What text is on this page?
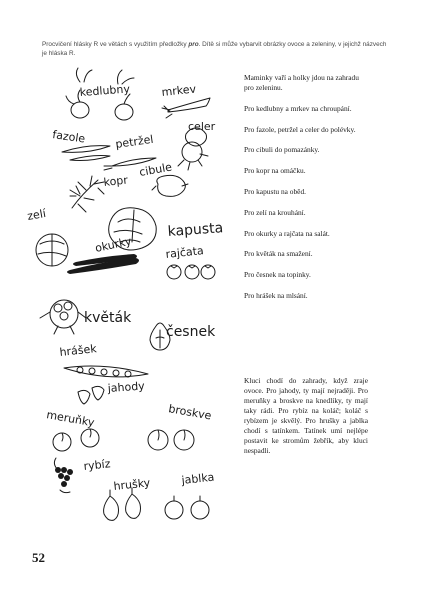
Procvičení hlásky R ve větách s využitím předložky pro. Dítě si může vybarvit obrázky ovoce a zeleniny, v jejichž názvech je hláska R.
kedlubny	mrkev
fazole	petržel
celer
kopr
cibule
kapusta
zelí
okurky	rajčata
květák
česnek
hrášek
jahody
meruňky	broskve
rybíz
hrušky	jablka

Maminky vaří a holky jdou na zahradu pro zeleninu.

Pro kedlubny a mrkev na chroupání.

Pro fazole, petržel a celer do polévky.

Pro cibuli do pomazánky.

Pro kopr na omáčku.

Pro kapustu na oběd.

Pro zelí na krouhání.

Pro okurky a rajčata na salát.

Pro květák na smažení.

Pro česnek na topinky.

Pro hrášek na mlsání.

Kluci chodí do zahrady, když zraje ovoce. Pro jahody, ty mají nejraději. Pro meruňky a broskve na knedlíky, ty mají taky rádi. Pro rybíz na koláč; koláč s rybízem je skvělý. Pro hrušky a jablka chodí s tatínkem. Tatínek umí nejlépe postavit ke stromům žebřík, aby kluci nespadli.
52
